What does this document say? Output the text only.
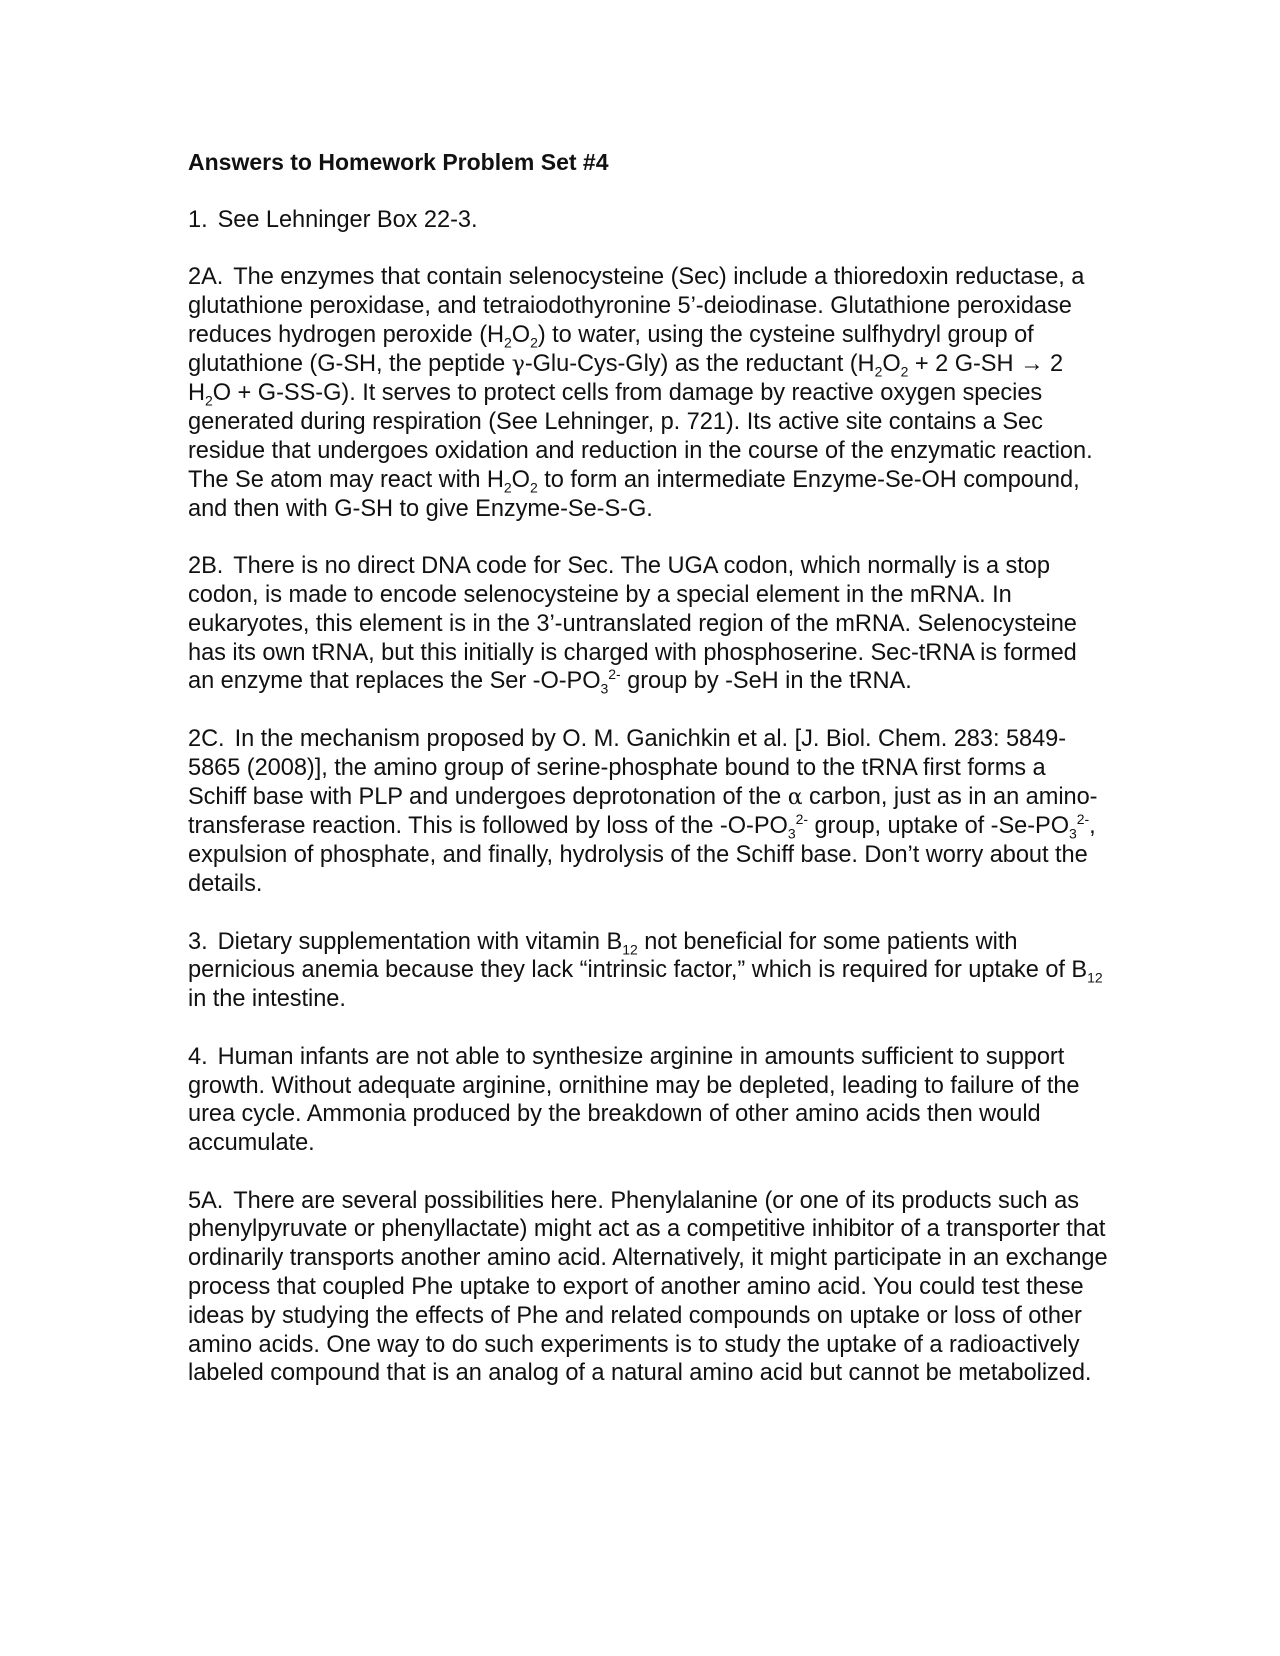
Answers to Homework Problem Set #4

1. See Lehninger Box 22-3.

2A. The enzymes that contain selenocysteine (Sec) include a thioredoxin reductase, a glutathione peroxidase, and tetraiodothyronine 5’-deiodinase. Glutathione peroxidase reduces hydrogen peroxide $(H_2O_2)$ to water, using the cysteine sulfhydryl group of glutathione (G-SH, the peptide γ-Glu-Cys-Gly) as the reductant ($H_2O_2 + 2$ G-SH → 2 $H_2O + G-SS-G$). It serves to protect cells from damage by reactive oxygen species generated during respiration (See Lehninger, p. 721). Its active site contains a Sec residue that undergoes oxidation and reduction in the course of the enzymatic reaction. The Se atom may react with $H_2O_2$ to form an intermediate Enzyme-Se-OH compound, and then with G-SH to give Enzyme-Se-S-G.

2B. There is no direct DNA code for Sec. The UGA codon, which normally is a stop codon, is made to encode selenocysteine by a special element in the mRNA. In eukaryotes, this element is in the 3’-untranslated region of the mRNA. Selenocysteine has its own tRNA, but this initially is charged with phosphoserine. Sec-tRNA is formed an enzyme that replaces the Ser $-O-PO_3^{2-}$ group by -SeH in the tRNA.

2C. In the mechanism proposed by O. M. Ganichkin et al. [J. Biol. Chem. 283: 5849-5865 (2008)], the amino group of serine-phosphate bound to the tRNA first forms a Schiff base with PLP and undergoes deprotonation of the α carbon, just as in an amino-transferase reaction. This is followed by loss of the $-O-PO_3^{2-}$ group, uptake of $-Se-PO_3^{2-}$, expulsion of phosphate, and finally, hydrolysis of the Schiff base. Don’t worry about the details.

3. Dietary supplementation with vitamin $B_{12}$ not beneficial for some patients with pernicious anemia because they lack “intrinsic factor,” which is required for uptake of $B_{12}$ in the intestine.

4. Human infants are not able to synthesize arginine in amounts sufficient to support growth. Without adequate arginine, ornithine may be depleted, leading to failure of the urea cycle. Ammonia produced by the breakdown of other amino acids then would accumulate.

5A. There are several possibilities here. Phenylalanine (or one of its products such as phenylpyruvate or phenyllactate) might act as a competitive inhibitor of a transporter that ordinarily transports another amino acid. Alternatively, it might participate in an exchange process that coupled Phe uptake to export of another amino acid. You could test these ideas by studying the effects of Phe and related compounds on uptake or loss of other amino acids. One way to do such experiments is to study the uptake of a radioactively labeled compound that is an analog of a natural amino acid but cannot be metabolized.
